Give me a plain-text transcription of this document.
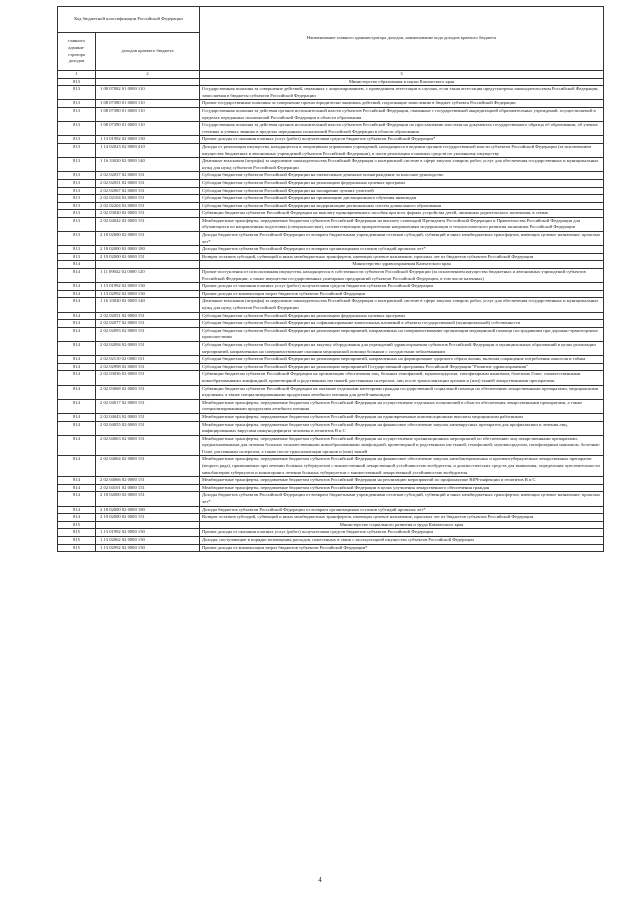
Код бюджетной классификации Российской Федерации		Наименование главного администратора доходов, наименование кода доходов краевого бюджета
главного админи-стратора доходов	доходов краевого бюджета	
1	2	3
813		Министерство образования и науки Камчатского края
813	1 08 07082 01 0000 110	Государственная пошлина за совершение действий, связанных с лицензированием, с проведением аттестации в случаях, если такая аттестация предусмотрена законодательством Российской Федерации, зачисляемая в бюджеты субъектов Российской Федерации
813	1 08 07380 01 0000 110	Прочие государственные пошлины за совершение прочих юридически значимых действий, подлежащие зачислению в бюджет субъекта Российской Федерации
813	1 08 07380 01 0000 110	Государственная пошлина за действия органов исполнительной власти субъектов Российской Федерации, связанные с государственной аккредитацией образовательных учреждений, осуществляемой в пределах переданных полномочий Российской Федерации в области образования
813	1 08 07390 01 0000 110	Государственная пошлина за действия органов исполнительной власти субъектов Российской Федерации по проставлению апостиля на документах государственного образца об образовании, об ученых степенях и ученых званиях в пределах переданных полномочий Российской Федерации в области образования
813	1 13 01992 02 0000 130	Прочие доходы от оказания платных услуг (работ) получателями средств бюджетов субъектов Российской Федерации*
813	1 14 02023 02 0000 410	Доходы от реализации имущества, находящегося в оперативном управлении учреждений, находящихся в ведении органов государственной власти субъектов Российской Федерации (за исключением имущества бюджетных и автономных учреждений субъектов Российской Федерации), в части реализации основных средств по указанному имуществу
813	1 16 33020 02 0000 140	Денежные взыскания (штрафы) за нарушение законодательства Российской Федерации о контрактной системе в сфере закупок товаров, работ, услуг для обеспечения государственных и муниципальных нужд для нужд субъектов Российской Федерации
813	2 02 02037 02 0000 151	Субсидии бюджетам субъектов Российской Федерации на ежемесячное денежное вознаграждение за классное руководство
813	2 02 02051 02 0000 151	Субсидии бюджетам субъектов Российской Федерации на реализацию федеральных целевых программ
813	2 02 02067 02 0000 151	Субсидии бюджетам субъектов Российской Федерации на поощрение лучших учителей
813	2 02 02104 02 0000 151	Субсидии бюджетам субъектов Российской Федерации на организацию дистанционного обучения инвалидов
813	2 02 02204 02 0000 151	Субсидии бюджетам субъектов Российской Федерации на модернизацию региональных систем дошкольного образования
813	2 02 03020 02 0000 151	Субвенции бюджетам субъектов Российской Федерации на выплату единовременного пособия при всех формах устройства детей, лишенных родительского попечения, в семью
813	2 02 04042 02 0000 151	Межбюджетные трансферты, передаваемые бюджетам субъектов Российской Федерации на выплату стипендий Президента Российской Федерации и Правительства Российской Федерации для обучающихся по направлениям подготовки (специальностям), соответствующим приоритетным направлениям модернизации и технологического развития экономики Российской Федерации
813	2 18 02000 02 0000 151	Доходы бюджетов субъектов Российской Федерации от возврата бюджетными учреждениями остатков субсидий, субвенций и иных межбюджетных трансфертов, имеющих целевое назначение, прошлых лет*
813	2 18 02000 02 0000 180	Доходы бюджетов субъектов Российской Федерации от возврата организациями остатков субсидий прошлых лет*
813	2 19 02000 02 0000 151	Возврат остатков субсидий, субвенций и иных межбюджетных трансфертов, имеющих целевое назначение, прошлых лет из бюджетов субъектов Российской Федерации
814		Министерство здравоохранения Камчатского края
814	1 11 09042 02 0000 120	Прочие поступления от использования имущества, находящегося в собственности субъектов Российской Федерации (за исключением имущества бюджетных и автономных учреждений субъектов Российской Федерации, а также имущества государственных унитарных предприятий субъектов Российской Федерации, в том числе казенных)
814	1 13 01992 02 0000 130	Прочие доходы от оказания платных услуг (работ) получателями средств бюджетов субъектов Российской Федерации
814	1 13 02992 02 0000 130	Прочие доходы от компенсации затрат бюджетов субъектов Российской Федерации
814	1 16 33020 02 0000 140	Денежные взыскания (штрафы) за нарушение законодательства Российской Федерации о контрактной системе в сфере закупок товаров, работ, услуг для обеспечения государственных и муниципальных нужд для нужд субъектов Российской Федерации
814	2 02 02051 02 0000 151	Субсидии бюджетам субъектов Российской Федерации на реализацию федеральных целевых программ
814	2 02 02077 02 0000 151	Субсидии бюджетам субъектов Российской Федерации на софинансирование капитальных вложений в объекты государственной (муниципальной) собственности
814	2 02 02093 02 0000 151	Субсидии бюджетам субъектов Российской Федерации на реализацию мероприятий, направленных на совершенствование организации медицинской помощи пострадавшим при дорожно-транспортных происшествиях
814	2 02 02094 02 0000 151	Субсидии бюджетам субъектов Российской Федерации на закупку оборудования для учреждений здравоохранения субъектов Российской Федерации и муниципальных образований в целях реализации мероприятий, направленных на совершенствование оказания медицинской помощи больным с сосудистыми заболеваниями
814	2 02 02110 02 0000 151	Субсидии бюджетам субъектов Российской Федерации на реализацию мероприятий, направленных на формирование здорового образа жизни, включая сокращение потребления алкоголя и табака
814	2 02 02998 02 0000 151	Субсидии бюджетам субъектов Российской Федерации на реализацию мероприятий Государственной программы Российской Федерации "Развитие здравоохранения"
814	2 02 03036 02 0000 151	Субвенции бюджетам субъектов Российской Федерации на организацию обеспечения лиц, больных гемофилией, муковисцидозом, гипофизарным нанизмом, болезнью Гоше, злокачественными новообразованиями лимфоидной, кроветворной и родственных им тканей, рассеянным склерозом, лиц после трансплантации органов и (или) тканей лекарственными препаратами
814	2 02 03068 02 0000 151	Субвенции бюджетам субъектов Российской Федерации на оказание отдельным категориям граждан государственной социальной помощи по обеспечению лекарственными препаратами, медицинскими изделиями, а также специализированными продуктами лечебного питания для детей-инвалидов
814	2 02 04017 02 0000 151	Межбюджетные трансферты, передаваемые бюджетам субъектов Российской Федерации на осуществление отдельных полномочий в области обеспечения лекарственными препаратами, а также специализированными продуктами лечебного питания
814	2 02 04043 02 0000 151	Межбюджетные трансферты, передаваемые бюджетам субъектов Российской Федерации на единовременные компенсационные выплаты медицинским работникам
814	2 02 04055 02 0000 151	Межбюджетные трансферты, передаваемые бюджетам субъектов Российской Федерации на финансовое обеспечение закупок антивирусных препаратов для профилактики и лечения лиц, инфицированных вирусами иммунодефицита человека и гепатитов В и С
814	2 02 04063 02 0000 151	Межбюджетные трансферты, передаваемые бюджетам субъектов Российской Федерации на осуществление организационных мероприятий по обеспечению лиц лекарственными препаратами, предназначенными для лечения больных злокачественными новообразованиями лимфоидной, кроветворной и родственных им тканей, гемофилией, муковисцидозом, гипофизарным нанизмом, болезнью Гоше, рассеянным склерозом, а также после трансплантации органов и (или) тканей
814	2 02 04064 02 0000 151	Межбюджетные трансферты, передаваемые бюджетам субъектов Российской Федерации на финансовое обеспечение закупок антибактериальных и противотуберкулезных лекарственных препаратов (второго ряда), применяемых при лечении больных туберкулезом с множественной лекарственной устойчивостью возбудителя, и диагностических средств для выявления, определения чувствительности микобактерии туберкулеза и мониторинга лечения больных туберкулезом с множественной лекарственной устойчивостью возбудителя
814	2 02 04066 02 0000 151	Межбюджетные трансферты, передаваемые бюджетам субъектов Российской Федерации на реализацию мероприятий по профилактике ВИЧ-инфекции и гепатитов В и С
814	2 02 04101 02 0000 151	Межбюджетные трансферты, передаваемые бюджетам субъектов Российской Федерации в целях улучшения лекарственного обеспечения граждан
814	2 18 02000 02 0000 151	Доходы бюджетов субъектов Российской Федерации от возврата бюджетными учреждениями остатков субсидий, субвенций и иных межбюджетных трансфертов, имеющих целевое назначение, прошлых лет*
814	2 18 02000 02 0000 180	Доходы бюджетов субъектов Российской Федерации от возврата организациями остатков субсидий прошлых лет*
814	2 19 02000 02 0000 151	Возврат остатков субсидий, субвенций и иных межбюджетных трансфертов, имеющих целевое назначение, прошлых лет из бюджетов субъектов Российской Федерации
815		Министерство социального развития и труда Камчатского края
815	1 13 01992 02 0000 130	Прочие доходы от оказания платных услуг (работ) получателями средств бюджетов субъектов Российской Федерации
815	1 13 02062 02 0000 130	Доходы, поступающие в порядке возмещения расходов, понесенных в связи с эксплуатацией имущества субъектов Российской Федерации
815	1 13 02992 02 0000 130	Прочие доходы от компенсации затрат бюджетов субъектов Российской Федерации*
4
